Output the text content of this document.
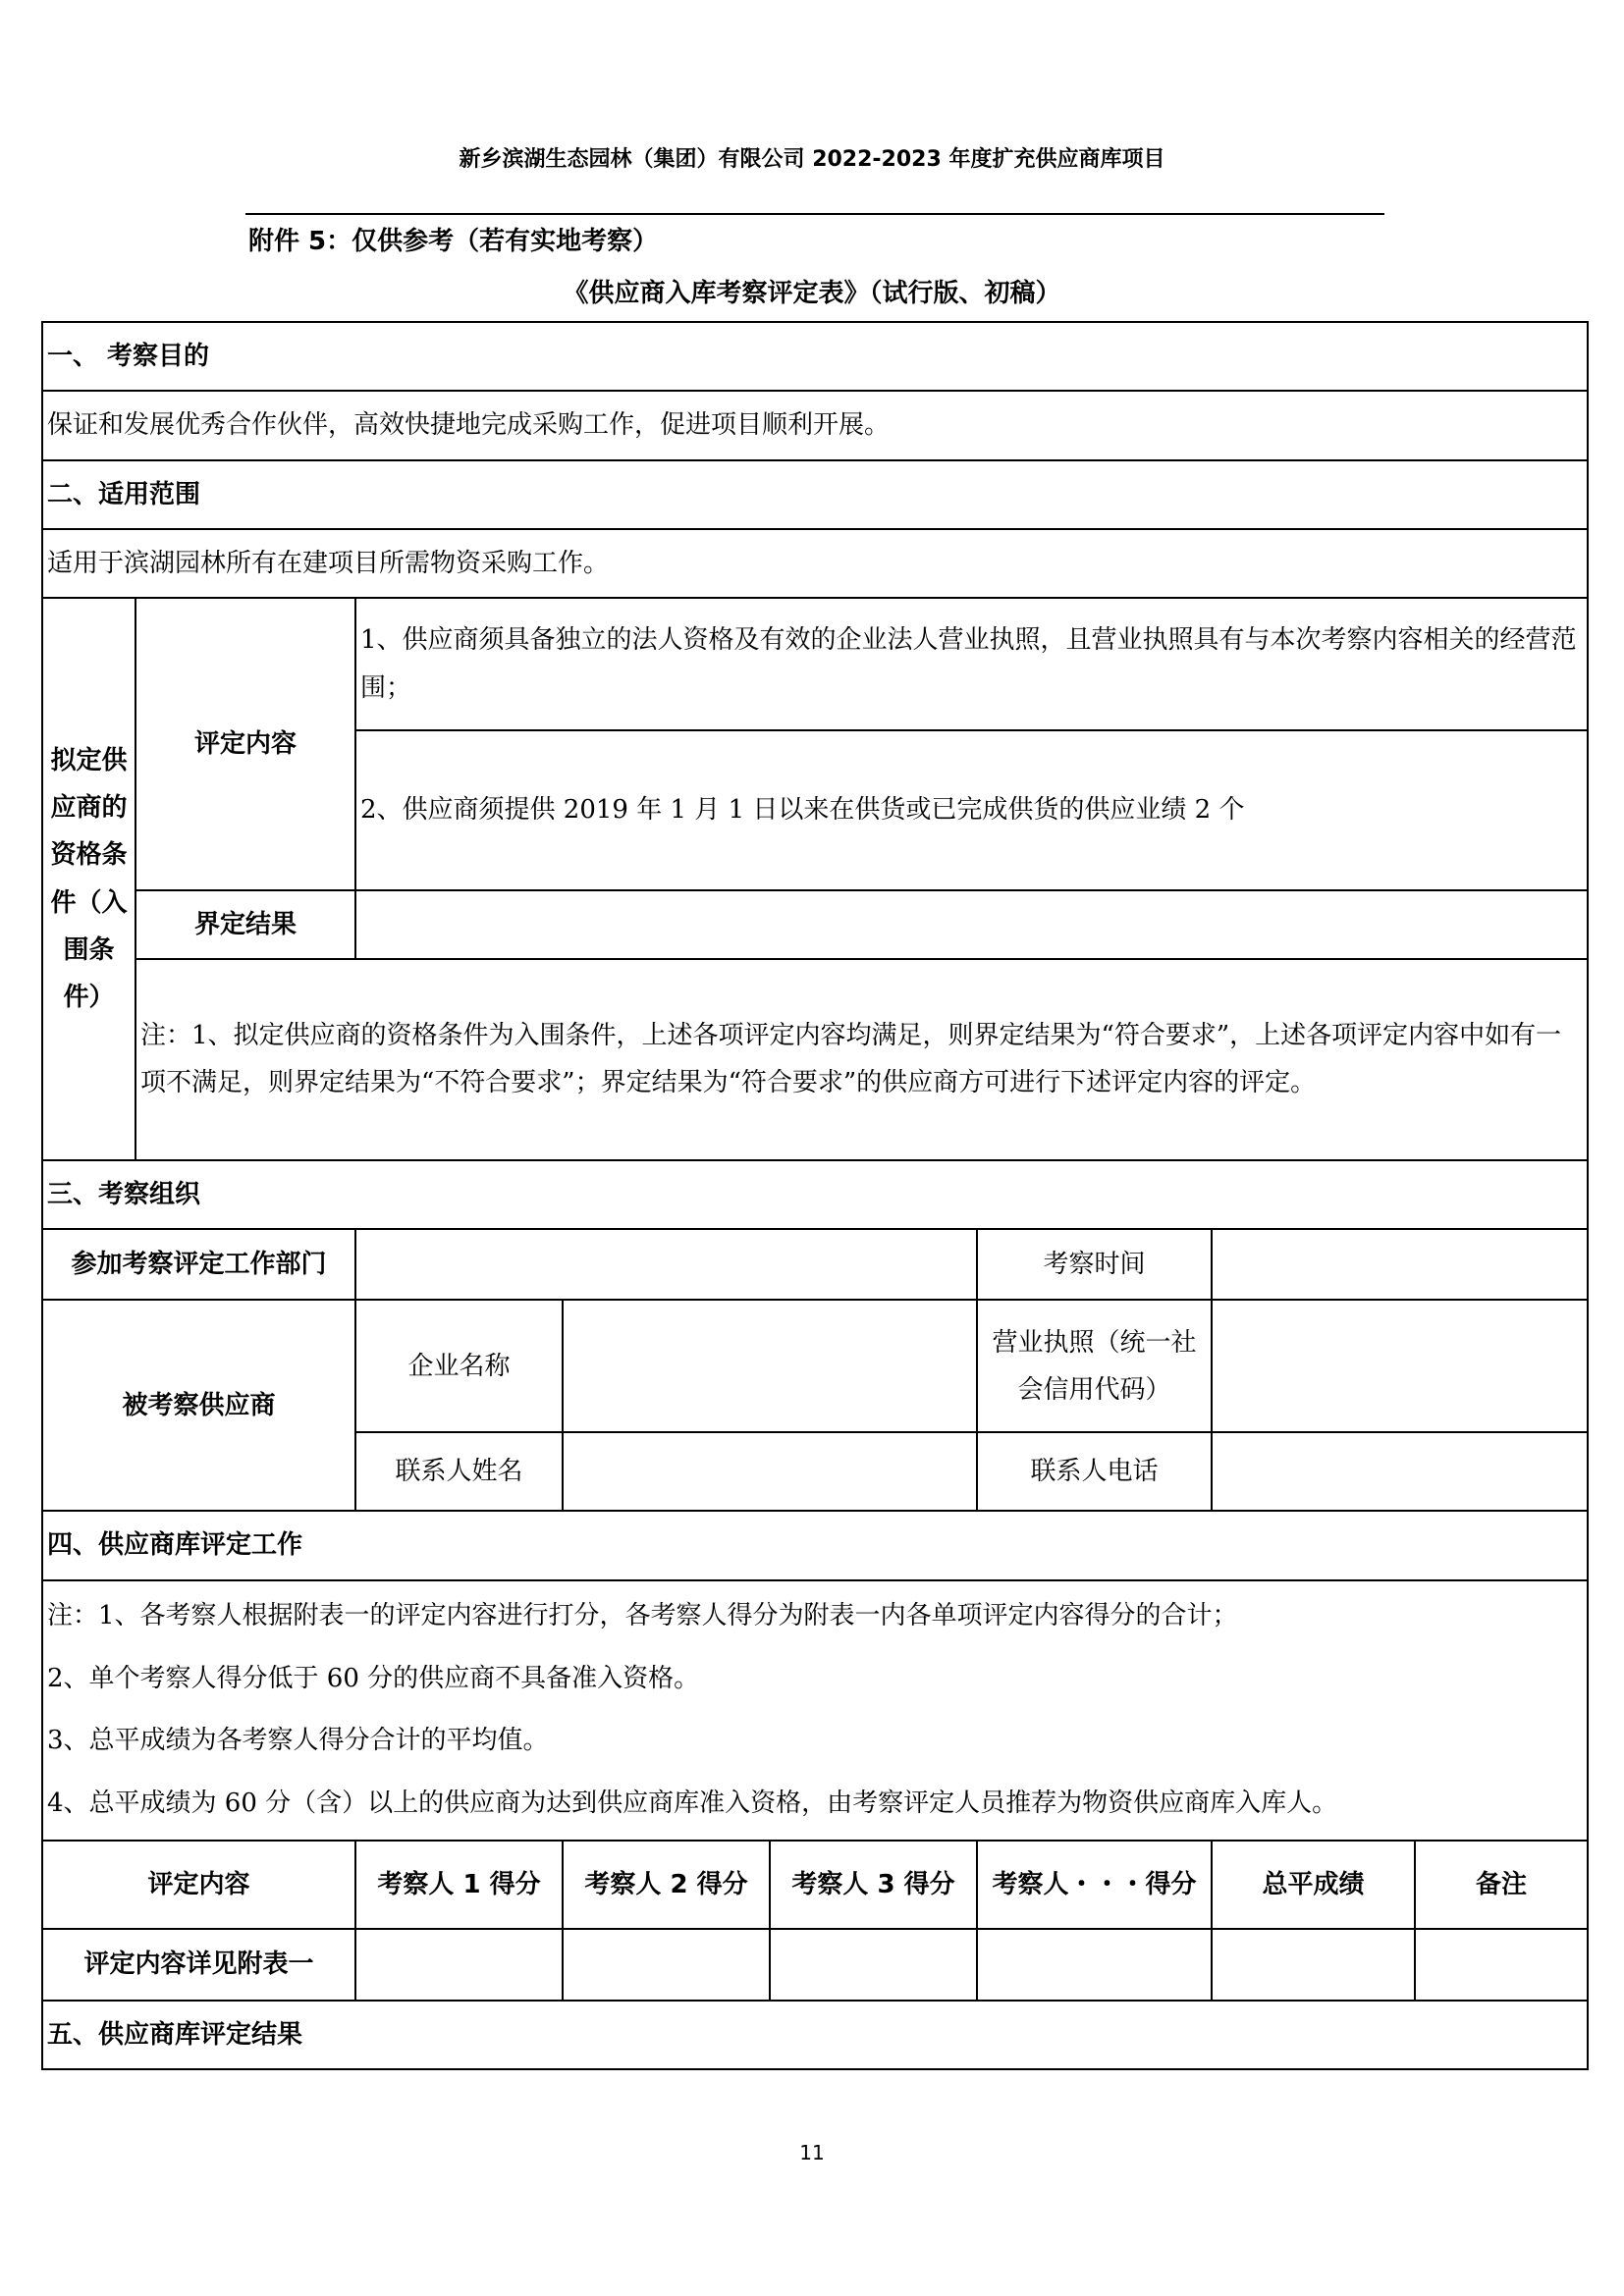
新乡滨湖生态园林（集团）有限公司 2022-2023 年度扩充供应商库项目
附件 5：仅供参考（若有实地考察）
《供应商入库考察评定表》（试行版、初稿）
一、 考察目的							
保证和发展优秀合作伙伴，高效快捷地完成采购工作，促进项目顺利开展。							
二、适用范围							
适用于滨湖园林所有在建项目所需物资采购工作。							
拟定供应商的资格条件（入围条件）	评定内容	1、供应商须具备独立的法人资格及有效的企业法人营业执照，且营业执照具有与本次考察内容相关的经营范围；					
		2、供应商须提供 2019 年 1 月 1 日以来在供货或已完成供货的供应业绩 2 个					
	界定结果						
	注：1、拟定供应商的资格条件为入围条件，上述各项评定内容均满足，则界定结果为“符合要求”，上述各项评定内容中如有一项不满足，则界定结果为“不符合要求”；界定结果为“符合要求”的供应商方可进行下述评定内容的评定。						
三、考察组织							
参加考察评定工作部门					考察时间		
被考察供应商		企业名称			营业执照（统一社会信用代码）		
		联系人姓名			联系人电话		
四、供应商库评定工作							

注：1、各考察人根据附表一的评定内容进行打分，各考察人得分为附表一内各单项评定内容得分的合计；
2、单个考察人得分低于 60 分的供应商不具备准入资格。
3、总平成绩为各考察人得分合计的平均值。
4、总平成绩为 60 分（含）以上的供应商为达到供应商库准入资格，由考察评定人员推荐为物资供应商库入库人。							

评定内容		考察人 1 得分	考察人 2 得分	考察人 3 得分	考察人・・・得分	总平成绩	备注
评定内容详见附表一							
五、供应商库评定结果							
11
